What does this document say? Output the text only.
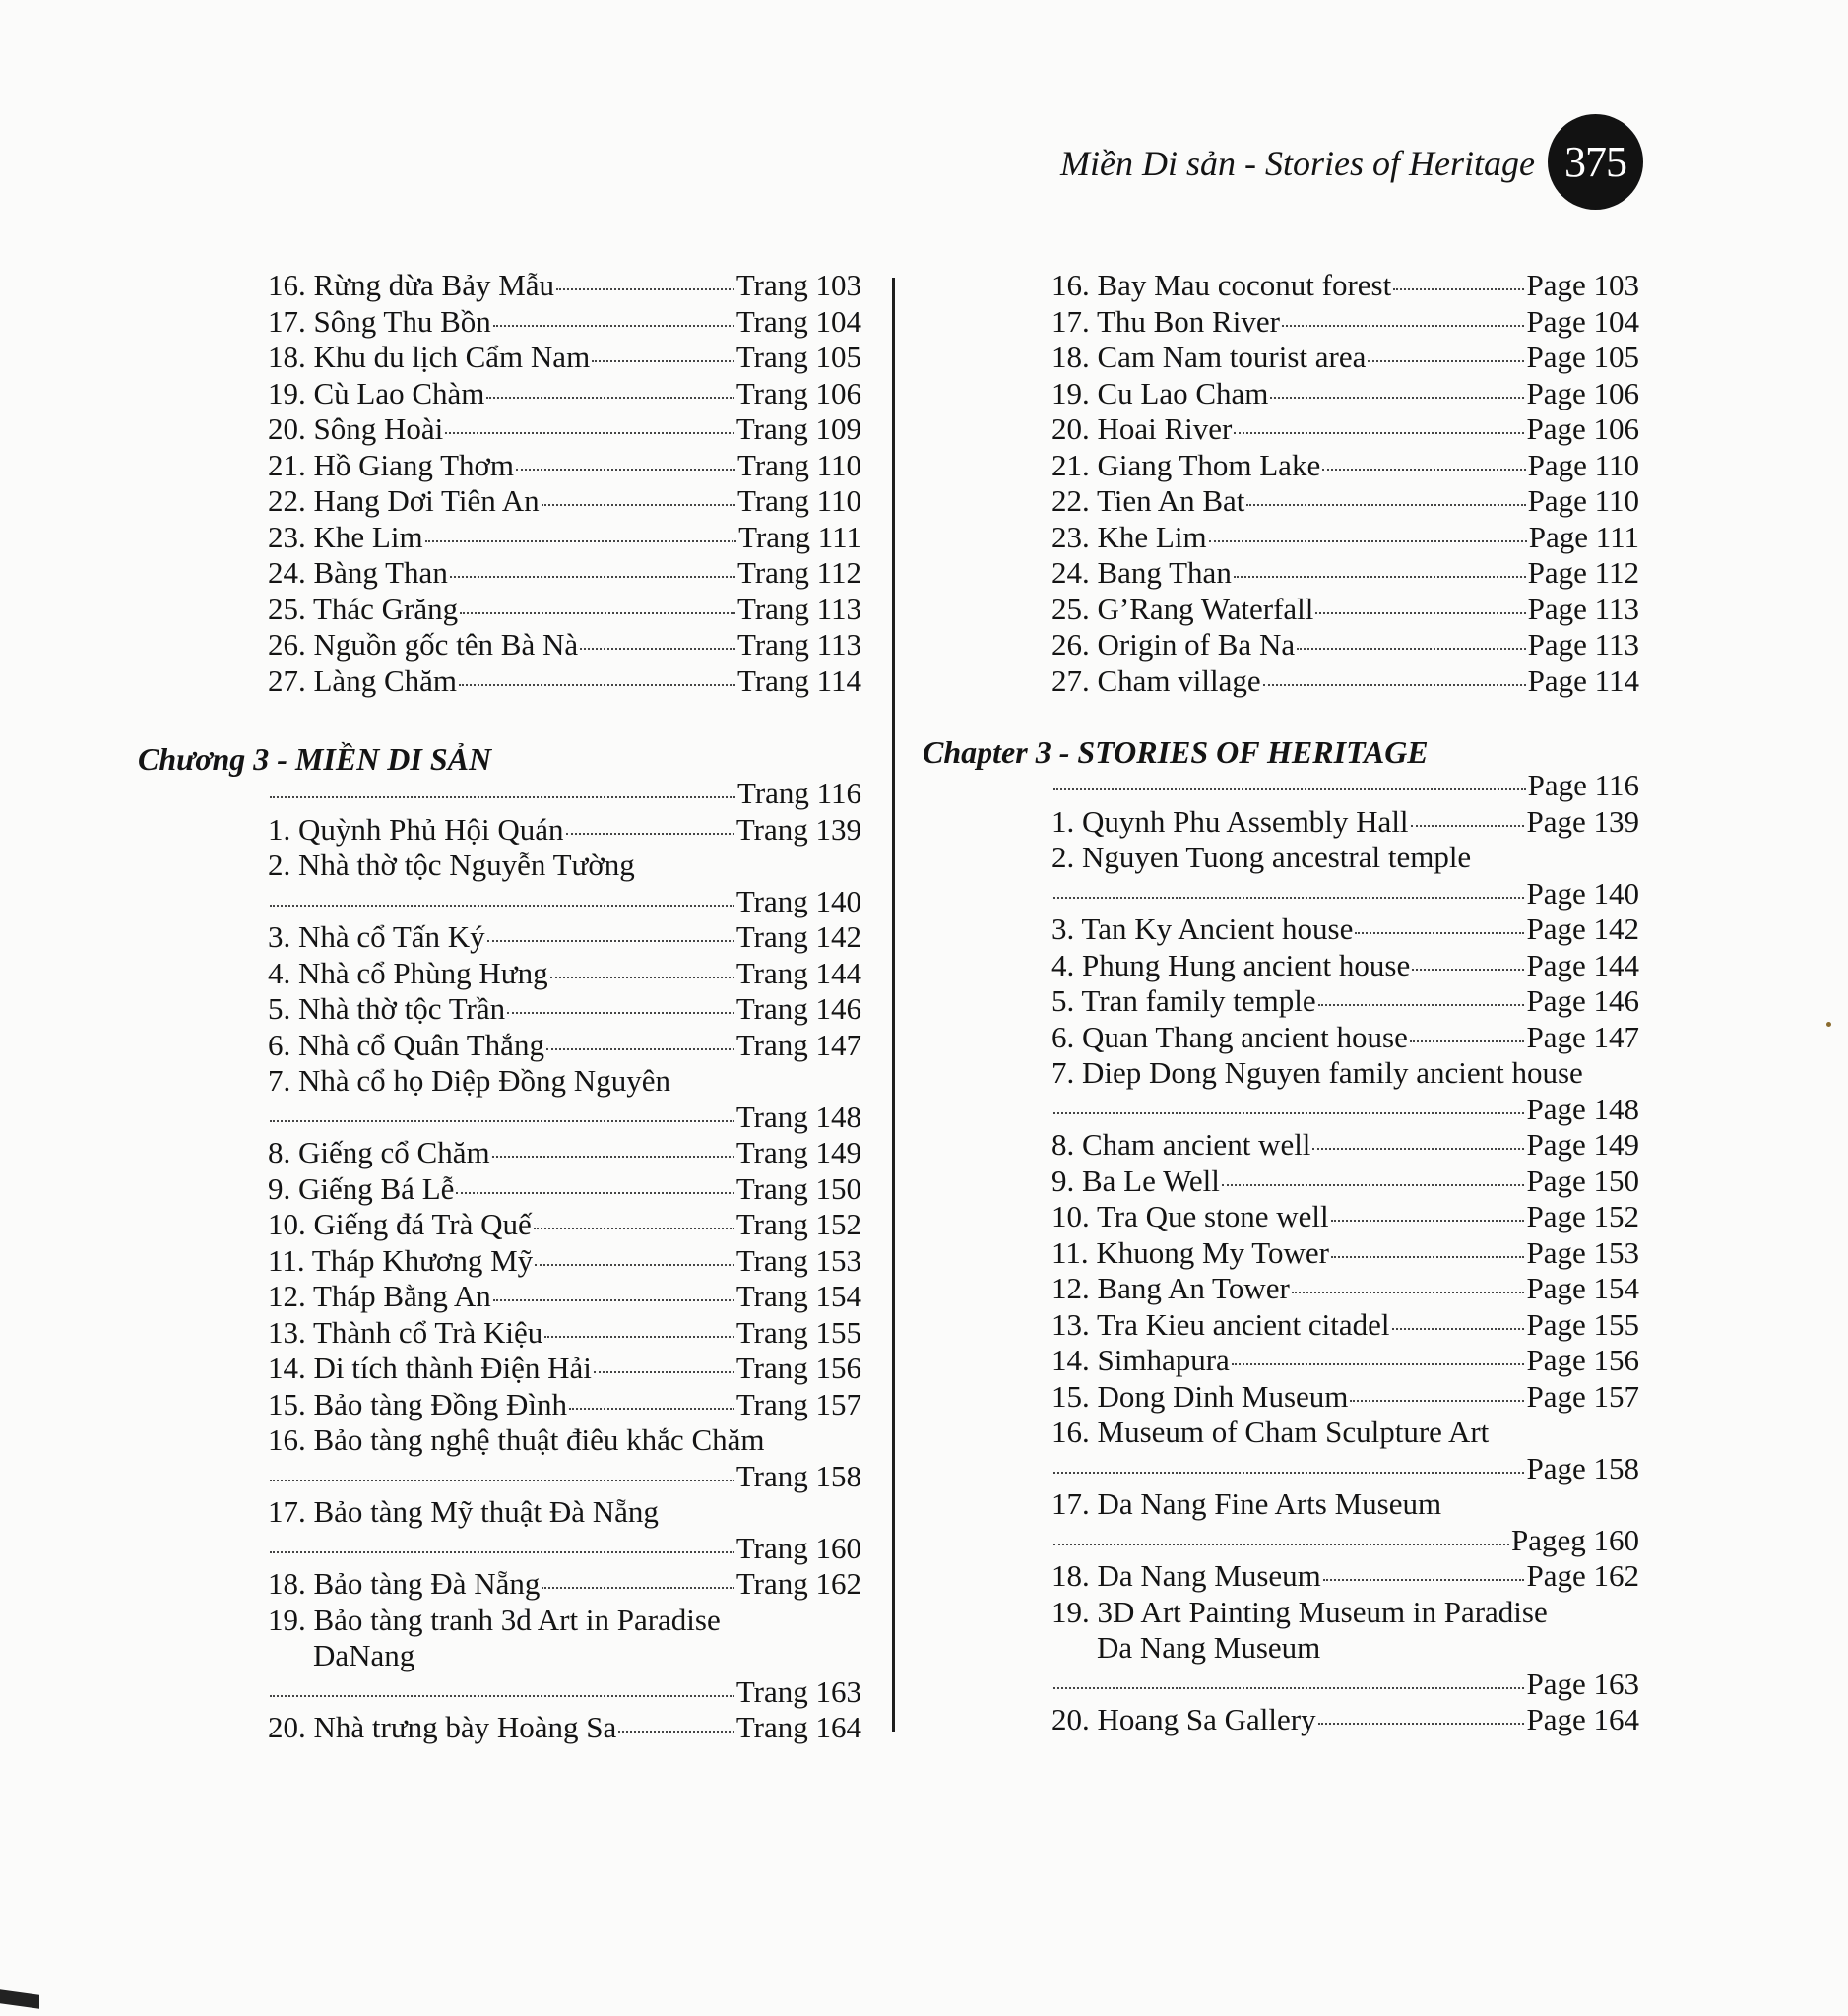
Miền Di sản - Stories of Heritage 375
16. Rừng dừa Bảy Mẫu	Trang 103
17. Sông Thu Bồn	Trang 104
18. Khu du lịch Cẩm Nam	Trang 105
19. Cù Lao Chàm	Trang 106
20. Sông Hoài	Trang 109
21. Hồ Giang Thơm	Trang 110
22. Hang Dơi Tiên An	Trang 110
23. Khe Lim	Trang 111
24. Bàng Than	Trang 112
25. Thác Grăng	Trang 113
26. Nguồn gốc tên Bà Nà	Trang 113
27. Làng Chăm	Trang 114
16. Bay Mau coconut forest	Page 103
17. Thu Bon River	Page 104
18. Cam Nam tourist area	Page 105
19. Cu Lao Cham	Page 106
20. Hoai River	Page 106
21. Giang Thom Lake	Page 110
22. Tien An Bat	Page 110
23. Khe Lim	Page 111
24. Bang Than	Page 112
25. G’Rang Waterfall	Page 113
26. Origin of Ba Na	Page 113
27. Cham village	Page 114
Chương 3 - MIỀN DI SẢN	Chapter 3 - STORIES OF HERITAGE
Trang 116
1. Quỳnh Phủ Hội Quán	Trang 139
2. Nhà thờ tộc Nguyễn Tường
Trang 140
3. Nhà cổ Tấn Ký	Trang 142
4. Nhà cổ Phùng Hưng	Trang 144
5. Nhà thờ tộc Trần	Trang 146
6. Nhà cổ Quân Thắng	Trang 147
7. Nhà cổ họ Diệp Đồng Nguyên
Trang 148
8. Giếng cổ Chăm	Trang 149
9. Giếng Bá Lễ	Trang 150
10. Giếng đá Trà Quế	Trang 152
11. Tháp Khương Mỹ	Trang 153
12. Tháp Bằng An	Trang 154
13. Thành cổ Trà Kiệu	Trang 155
14. Di tích thành Điện Hải	Trang 156
15. Bảo tàng Đồng Đình	Trang 157
16. Bảo tàng nghệ thuật điêu khắc Chăm
Trang 158
17. Bảo tàng Mỹ thuật Đà Nẵng
Trang 160
18. Bảo tàng Đà Nẵng	Trang 162
19. Bảo tàng tranh 3d Art in Paradise
DaNang
Trang 163
20. Nhà trưng bày Hoàng Sa	Trang 164
Page 116
1. Quynh Phu Assembly Hall	Page 139
2. Nguyen Tuong ancestral temple
Page 140
3. Tan Ky Ancient house	Page 142
4. Phung Hung ancient house	Page 144
5. Tran family temple	Page 146
6. Quan Thang ancient house	Page 147
7. Diep Dong Nguyen family ancient house
Page 148
8. Cham ancient well	Page 149
9. Ba Le Well	Page 150
10. Tra Que stone well	Page 152
11. Khuong My Tower	Page 153
12. Bang An Tower	Page 154
13. Tra Kieu ancient citadel	Page 155
14. Simhapura	Page 156
15. Dong Dinh Museum	Page 157
16. Museum of Cham Sculpture Art
Page 158
17. Da Nang Fine Arts Museum
Pageg 160
18. Da Nang Museum	Page 162
19. 3D Art Painting Museum in Paradise
Da Nang Museum
Page 163
20. Hoang Sa Gallery	Page 164
